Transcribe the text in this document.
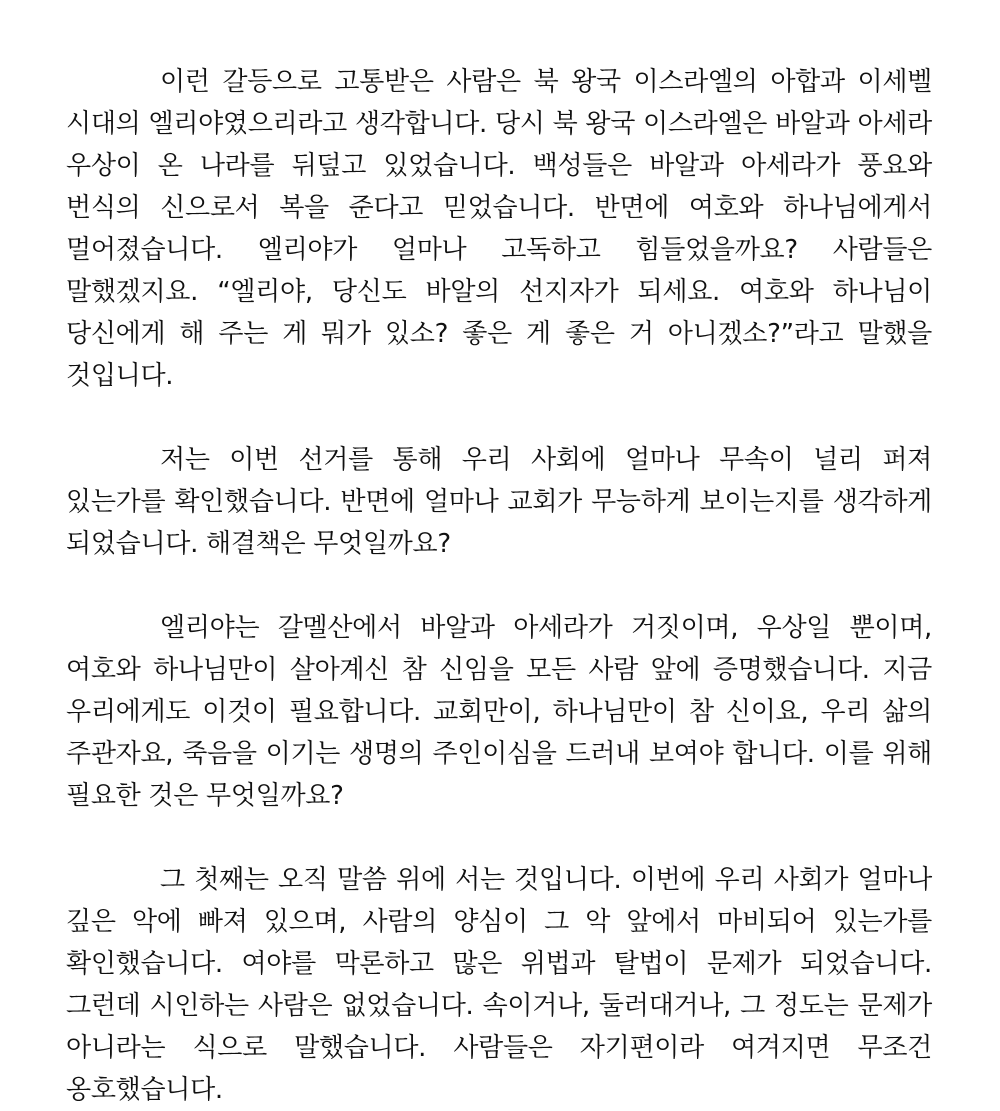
이런 갈등으로 고통받은 사람은 북 왕국 이스라엘의 아합과 이세벨 시대의 엘리야였으리라고 생각합니다. 당시 북 왕국 이스라엘은 바알과 아세라 우상이 온 나라를 뒤덮고 있었습니다. 백성들은 바알과 아세라가 풍요와 번식의 신으로서 복을 준다고 믿었습니다. 반면에 여호와 하나님에게서 멀어졌습니다. 엘리야가 얼마나 고독하고 힘들었을까요? 사람들은 말했겠지요. “엘리야, 당신도 바알의 선지자가 되세요. 여호와 하나님이 당신에게 해 주는 게 뭐가 있소? 좋은 게 좋은 거 아니겠소?”라고 말했을 것입니다.

저는 이번 선거를 통해 우리 사회에 얼마나 무속이 널리 퍼져 있는가를 확인했습니다. 반면에 얼마나 교회가 무능하게 보이는지를 생각하게 되었습니다. 해결책은 무엇일까요?

엘리야는 갈멜산에서 바알과 아세라가 거짓이며, 우상일 뿐이며, 여호와 하나님만이 살아계신 참 신임을 모든 사람 앞에 증명했습니다. 지금 우리에게도 이것이 필요합니다. 교회만이, 하나님만이 참 신이요, 우리 삶의 주관자요, 죽음을 이기는 생명의 주인이심을 드러내 보여야 합니다. 이를 위해 필요한 것은 무엇일까요?

그 첫째는 오직 말씀 위에 서는 것입니다. 이번에 우리 사회가 얼마나 깊은 악에 빠져 있으며, 사람의 양심이 그 악 앞에서 마비되어 있는가를 확인했습니다. 여야를 막론하고 많은 위법과 탈법이 문제가 되었습니다. 그런데 시인하는 사람은 없었습니다. 속이거나, 둘러대거나, 그 정도는 문제가 아니라는 식으로 말했습니다. 사람들은 자기편이라 여겨지면 무조건 옹호했습니다.
